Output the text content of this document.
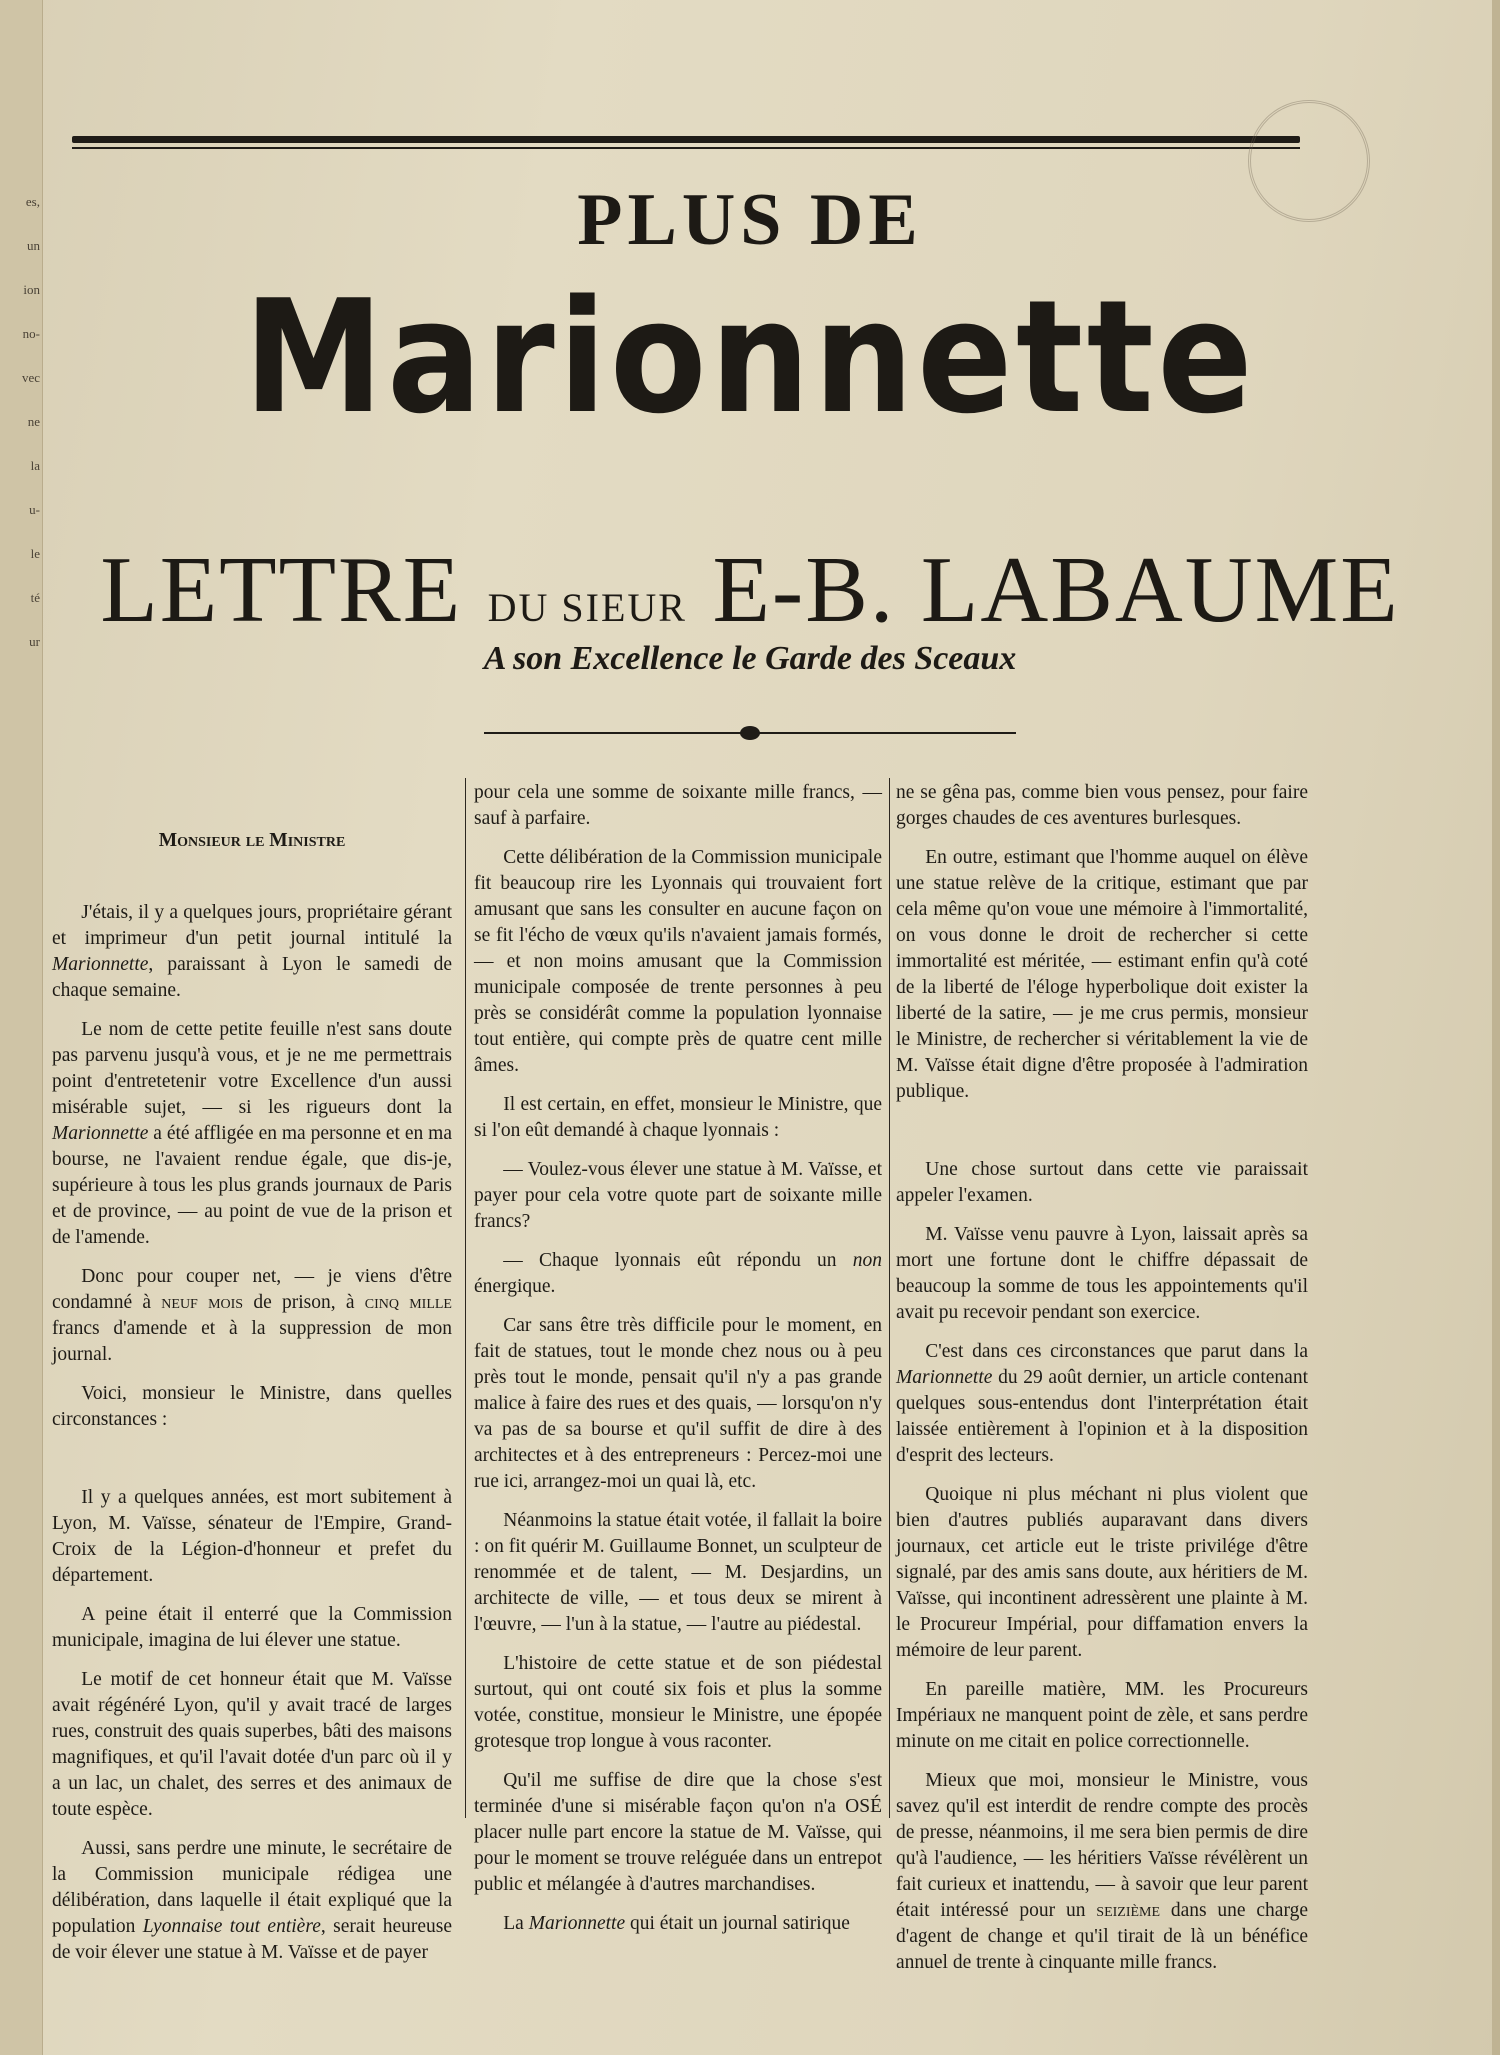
es,
un
ion
no-
vec
ne
la
u-
le
té
ur
PLUS DE
Marionnette
LETTRE DU SIEUR E-B. LABAUME
A son Excellence le Garde des Sceaux

Monsieur le Ministre

J'étais, il y a quelques jours, propriétaire gérant et imprimeur d'un petit journal intitulé la Marionnette, paraissant à Lyon le samedi de chaque semaine.

Le nom de cette petite feuille n'est sans doute pas parvenu jusqu'à vous, et je ne me permettrais point d'entretetenir votre Excellence d'un aussi misérable sujet, — si les rigueurs dont la Marionnette a été affligée en ma personne et en ma bourse, ne l'avaient rendue égale, que dis-je, supérieure à tous les plus grands journaux de Paris et de province, — au point de vue de la prison et de l'amende.

Donc pour couper net, — je viens d'être condamné à neuf mois de prison, à cinq mille francs d'amende et à la suppression de mon journal.

Voici, monsieur le Ministre, dans quelles circonstances :

Il y a quelques années, est mort subitement à Lyon, M. Vaïsse, sénateur de l'Empire, Grand-Croix de la Légion-d'honneur et prefet du département.

A peine était il enterré que la Commission municipale, imagina de lui élever une statue.

Le motif de cet honneur était que M. Vaïsse avait régénéré Lyon, qu'il y avait tracé de larges rues, construit des quais superbes, bâti des maisons magnifiques, et qu'il l'avait dotée d'un parc où il y a un lac, un chalet, des serres et des animaux de toute espèce.

Aussi, sans perdre une minute, le secrétaire de la Commission municipale rédigea une délibération, dans laquelle il était expliqué que la population Lyonnaise tout entière, serait heureuse de voir élever une statue à M. Vaïsse et de payer

pour cela une somme de soixante mille francs, — sauf à parfaire.

Cette délibération de la Commission municipale fit beaucoup rire les Lyonnais qui trouvaient fort amusant que sans les consulter en aucune façon on se fit l'écho de vœux qu'ils n'avaient jamais formés, — et non moins amusant que la Commission municipale composée de trente personnes à peu près se considérât comme la population lyonnaise tout entière, qui compte près de quatre cent mille âmes.

Il est certain, en effet, monsieur le Ministre, que si l'on eût demandé à chaque lyonnais :

— Voulez-vous élever une statue à M. Vaïsse, et payer pour cela votre quote part de soixante mille francs?

— Chaque lyonnais eût répondu un non énergique.

Car sans être très difficile pour le moment, en fait de statues, tout le monde chez nous ou à peu près tout le monde, pensait qu'il n'y a pas grande malice à faire des rues et des quais, — lorsqu'on n'y va pas de sa bourse et qu'il suffit de dire à des architectes et à des entrepreneurs : Percez-moi une rue ici, arrangez-moi un quai là, etc.

Néanmoins la statue était votée, il fallait la boire : on fit quérir M. Guillaume Bonnet, un sculpteur de renommée et de talent, — M. Desjardins, un architecte de ville, — et tous deux se mirent à l'œuvre, — l'un à la statue, — l'autre au piédestal.

L'histoire de cette statue et de son piédestal surtout, qui ont couté six fois et plus la somme votée, constitue, monsieur le Ministre, une épopée grotesque trop longue à vous raconter.

Qu'il me suffise de dire que la chose s'est terminée d'une si misérable façon qu'on n'a OSÉ placer nulle part encore la statue de M. Vaïsse, qui pour le moment se trouve reléguée dans un entrepot public et mélangée à d'autres marchandises.

La Marionnette qui était un journal satirique

ne se gêna pas, comme bien vous pensez, pour faire gorges chaudes de ces aventures burlesques.

En outre, estimant que l'homme auquel on élève une statue relève de la critique, estimant que par cela même qu'on voue une mémoire à l'immortalité, on vous donne le droit de rechercher si cette immortalité est méritée, — estimant enfin qu'à coté de la liberté de l'éloge hyperbolique doit exister la liberté de la satire, — je me crus permis, monsieur le Ministre, de rechercher si véritablement la vie de M. Vaïsse était digne d'être proposée à l'admiration publique.

Une chose surtout dans cette vie paraissait appeler l'examen.

M. Vaïsse venu pauvre à Lyon, laissait après sa mort une fortune dont le chiffre dépassait de beaucoup la somme de tous les appointements qu'il avait pu recevoir pendant son exercice.

C'est dans ces circonstances que parut dans la Marionnette du 29 août dernier, un article contenant quelques sous-entendus dont l'interprétation était laissée entièrement à l'opinion et à la disposition d'esprit des lecteurs.

Quoique ni plus méchant ni plus violent que bien d'autres publiés auparavant dans divers journaux, cet article eut le triste privilége d'être signalé, par des amis sans doute, aux héritiers de M. Vaïsse, qui incontinent adressèrent une plainte à M. le Procureur Impérial, pour diffamation envers la mémoire de leur parent.

En pareille matière, MM. les Procureurs Impériaux ne manquent point de zèle, et sans perdre minute on me citait en police correctionnelle.

Mieux que moi, monsieur le Ministre, vous savez qu'il est interdit de rendre compte des procès de presse, néanmoins, il me sera bien permis de dire qu'à l'audience, — les héritiers Vaïsse révélèrent un fait curieux et inattendu, — à savoir que leur parent était intéressé pour un seizième dans une charge d'agent de change et qu'il tirait de là un bénéfice annuel de trente à cinquante mille francs.
